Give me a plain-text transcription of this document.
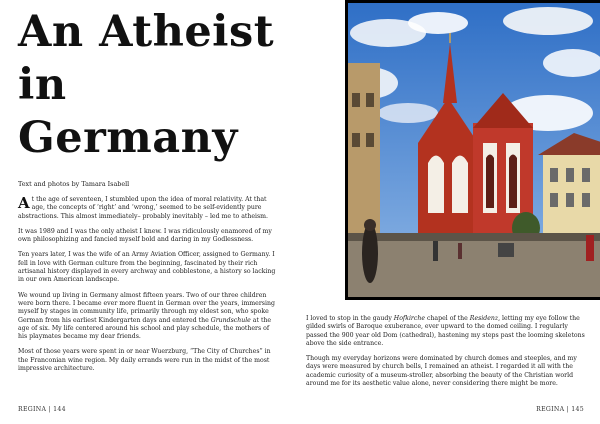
An Atheist
in
Germany
Text and photos by Tamara Isabell

At the age of seventeen, I stumbled upon the idea of moral relativity. At that age, the concepts of ‘right’ and ‘wrong,’ seemed to be self-evidently pure abstractions. This almost immediately– probably inevitably – led me to atheism.

It was 1989 and I was the only atheist I knew. I was ridiculously enamored of my own philosophizing and fancied myself bold and daring in my Godlessness.

Ten years later, I was the wife of an Army Aviation Officer, assigned to Germany. I fell in love with German culture from the beginning, fascinated by their rich artisanal history displayed in every archway and cobblestone, a history so lacking in our own American landscape.

We wound up living in Germany almost fifteen years. Two of our three children were born there. I became ever more fluent in German over the years, immersing myself by stages in community life, primarily through my eldest son, who spoke German from his earliest Kindergarten days and entered the Grundschule at the age of six. My life centered around his school and play schedule, the mothers of his playmates became my dear friends.

Most of those years were spent in or near Wuerzburg, “The City of Churches” in the Franconian wine region. My daily errands were run in the midst of the most impressive architecture.

REGINA | 144

I loved to stop in the gaudy Hofkirche chapel of the Residenz, letting my eye follow the gilded swirls of Baroque exuberance, ever upward to the domed ceiling. I regularly passed the 900 year old Dom (cathedral), hastening my steps past the looming skeletons above the side entrance.

Though my everyday horizons were dominated by church domes and steeples, and my days were measured by church bells, I remained an atheist. I regarded it all with the academic curiosity of a museum-stroller, absorbing the beauty of the Christian world around me for its aesthetic value alone, never considering there might be more.

REGINA | 145
